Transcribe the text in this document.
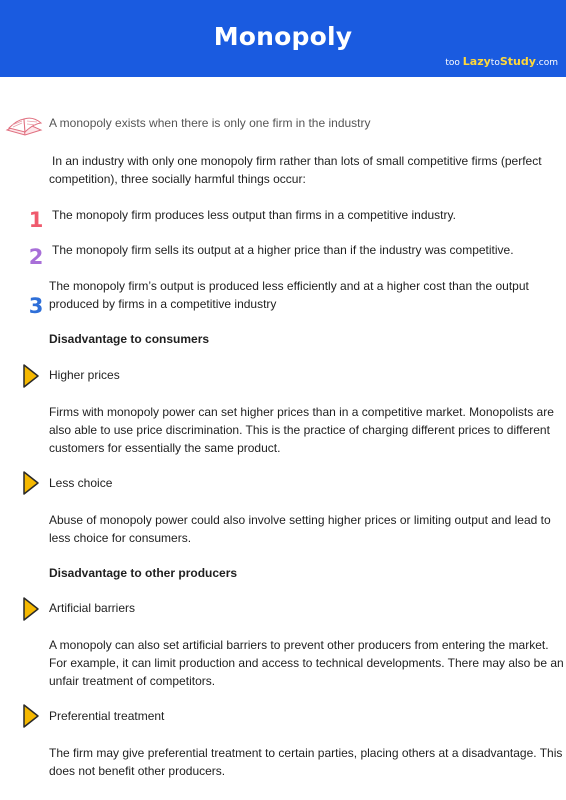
Monopoly
too LazytoStudy.com
A monopoly exists when there is only one firm in the industry
In an industry with only one monopoly firm rather than lots of small competitive firms (perfect
competition), three socially harmful things occur:
1 The monopoly firm produces less output than firms in a competitive industry.
2 The monopoly firm sells its output at a higher price than if the industry was competitive.
3
The monopoly firm’s output is produced less efficiently and at a higher cost than the output
produced by firms in a competitive industry
Disadvantage to consumers
Higher prices
Firms with monopoly power can set higher prices than in a competitive market. Monopolists are
also able to use price discrimination. This is the practice of charging different prices to different
customers for essentially the same product.
Less choice
Abuse of monopoly power could also involve setting higher prices or limiting output and lead to
less choice for consumers.
Disadvantage to other producers
Artificial barriers
A monopoly can also set artificial barriers to prevent other producers from entering the market.
For example, it can limit production and access to technical developments. There may also be an
unfair treatment of competitors.
Preferential treatment
The firm may give preferential treatment to certain parties, placing others at a disadvantage. This
does not benefit other producers.
